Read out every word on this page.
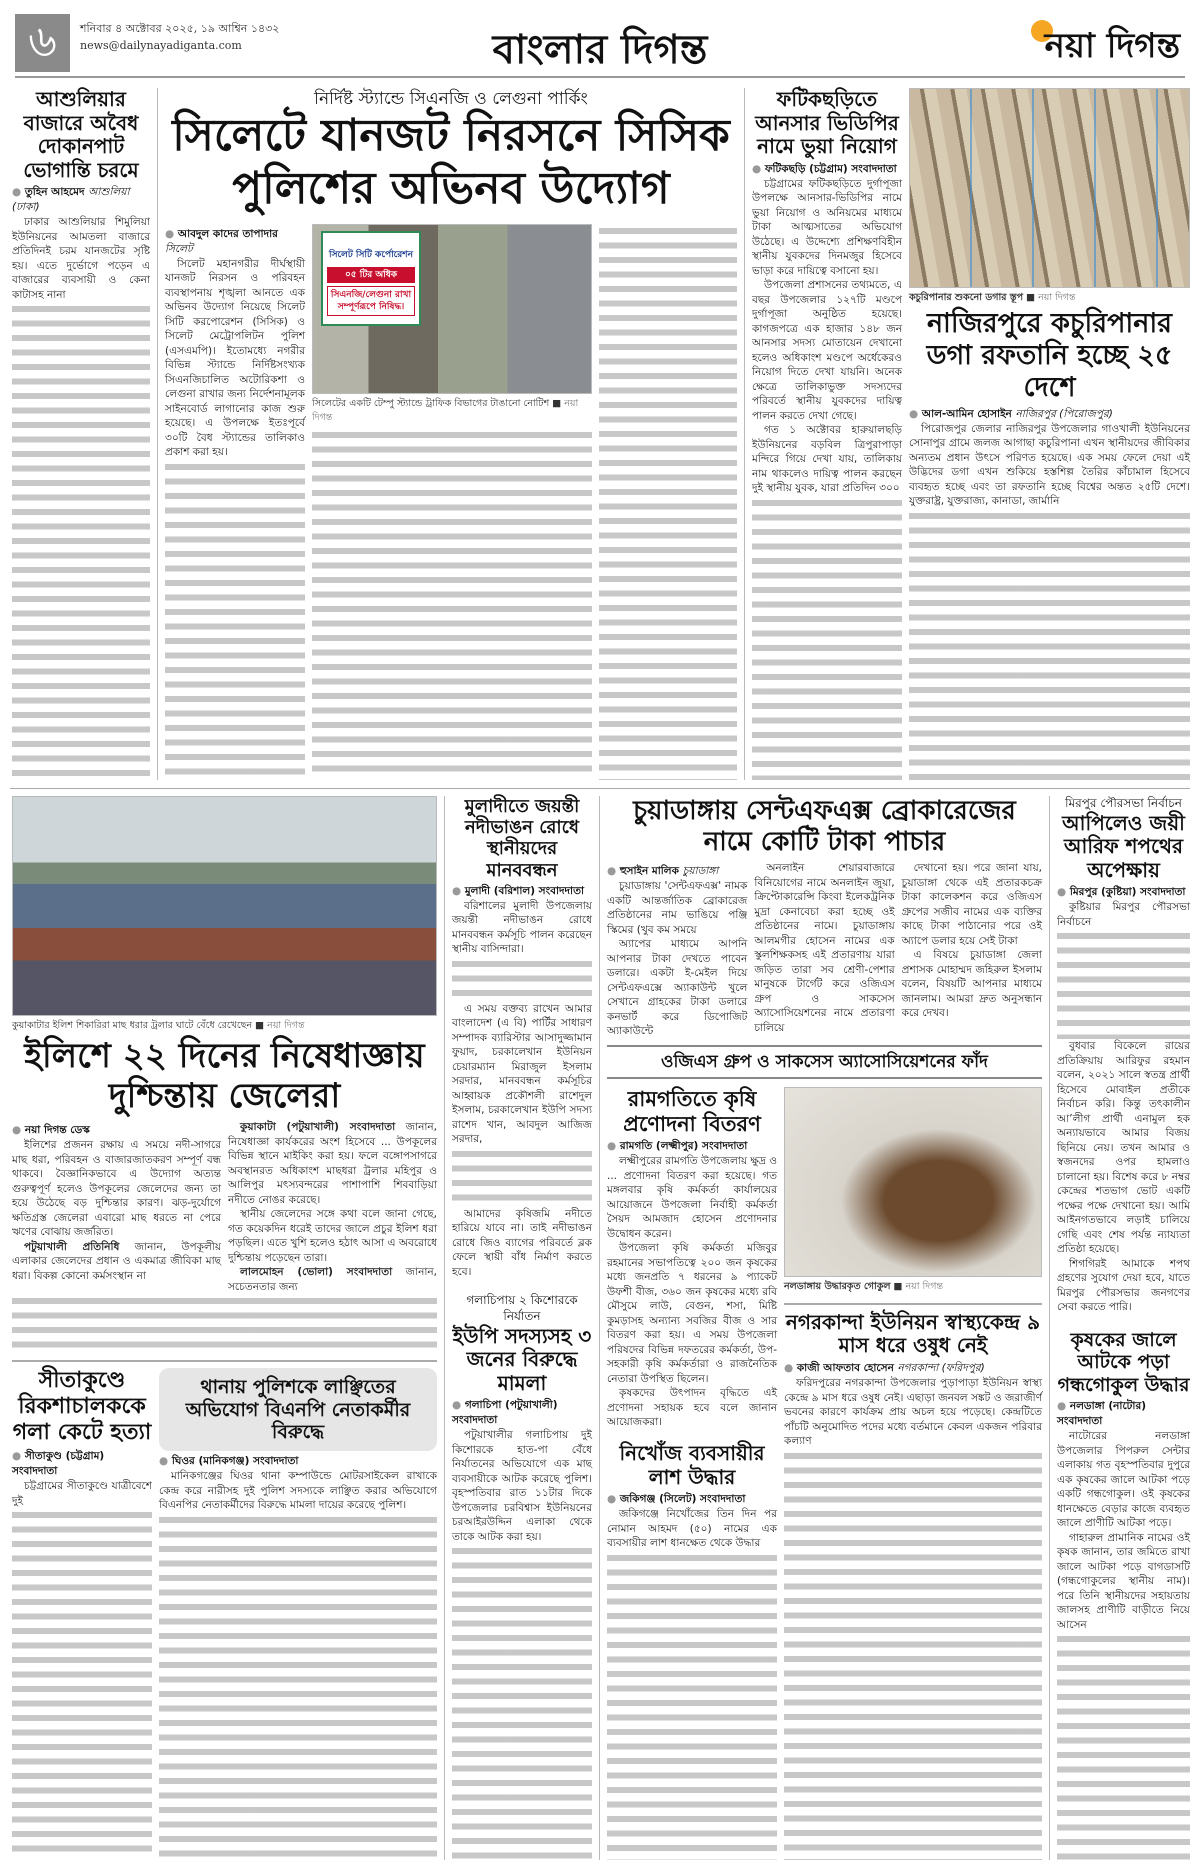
৬	শনিবার ৪ অক্টোবর ২০২৫, ১৯ আশ্বিন ১৪৩২
news@dailynayadiganta.com	বাংলার দিগন্ত	নয়া দিগন্ত
আশুলিয়ার বাজারে অবৈধ দোকানপাট ভোগান্তি চরমে
● তুহিন আহমেদ আশুলিয়া (ঢাকা)
ঢাকার আশুলিয়ার শিমুলিয়া ইউনিয়নের আমতলা বাজারে প্রতিদিনই চরম যানজটের সৃষ্টি হয়। এতে দুর্ভোগে পড়েন এ বাজারের ব্যবসায়ী ও কেনা কাটাসহ নানা
নির্দিষ্ট স্ট্যান্ডে সিএনজি ও লেগুনা পার্কিং
সিলেটে যানজট নিরসনে সিসিক পুলিশের অভিনব উদ্যোগ
● আবদুল কাদের তাপাদার সিলেট
সিলেট মহানগরীর দীর্ঘস্থায়ী যানজট নিরসন ও পরিবহন ব্যবস্থাপনায় শৃঙ্খলা আনতে এক অভিনব উদ্যোগ নিয়েছে সিলেট সিটি করপোরেশন (সিসিক) ও সিলেট মেট্রোপলিটন পুলিশ (এসএমপি)। ইতোমধ্যে নগরীর বিভিন্ন স্ট্যান্ডে নির্দিষ্টসংখ্যক সিএনজিচালিত অটোরিকশা ও লেগুনা রাখার জন্য নির্দেশনামূলক সাইনবোর্ড লাগানোর কাজ শুরু হয়েছে। এ উপলক্ষে ইতঃপূর্বে ৩০টি বৈধ স্ট্যান্ডের তালিকাও প্রকাশ করা হয়।
সিলেট সিটি কর্পোরেশন
০৫ টির অধিক
সিএনজি/লেগুনা রাখা সম্পূর্ণরূপে নিষিদ্ধ।
সিলেটের একটি টেম্পু স্ট্যান্ডে ট্রাফিক বিভাগের টাঙানো নোটিশ ■ নয়া দিগন্ত
ফটিকছড়িতে আনসার ভিডিপির নামে ভুয়া নিয়োগ
● ফটিকছড়ি (চট্টগ্রাম) সংবাদদাতা
চট্টগ্রামের ফটিকছড়িতে দুর্গাপূজা উপলক্ষে আনসার-ভিডিপির নামে ভুয়া নিয়োগ ও অনিয়মের মাধ্যমে টাকা আত্মসাতের অভিযোগ উঠেছে। এ উদ্দেশ্যে প্রশিক্ষণবিহীন স্থানীয় যুবকদের দিনমজুর হিসেবে ভাড়া করে দায়িত্বে বসানো হয়।
উপজেলা প্রশাসনের তথ্যমতে, এ বছর উপজেলার ১২৭টি মণ্ডপে দুর্গাপূজা অনুষ্ঠিত হয়েছে। কাগজপত্রে এক হাজার ১৪৮ জন আনসার সদস্য মোতায়েন দেখানো হলেও অধিকাংশ মণ্ডপে অর্ধেকেরও নিয়োগ দিতে দেখা যায়নি। অনেক ক্ষেত্রে তালিকাভুক্ত সদস্যদের পরিবর্তে স্থানীয় যুবকদের দায়িত্ব পালন করতে দেখা গেছে।
গত ১ অক্টোবর হারুয়ালছড়ি ইউনিয়নের বড়বিল ত্রিপুরাপাড়া মন্দিরে গিয়ে দেখা যায়, তালিকায় নাম থাকলেও দায়িত্ব পালন করছেন দুই স্থানীয় যুবক, যারা প্রতিদিন ৩০০
কচুরিপানার শুকনো ডগার স্তূপ ■ নয়া দিগন্ত
নাজিরপুরে কচুরিপানার ডগা রফতানি হচ্ছে ২৫ দেশে
● আল-আমিন হোসাইন নাজিরপুর (পিরোজপুর)
পিরোজপুর জেলার নাজিরপুর উপজেলার গাওখালী ইউনিয়নের সোনাপুর গ্রামে জলজ আগাছা কচুরিপানা এখন স্থানীয়দের জীবিকার অন্যতম প্রধান উৎসে পরিণত হয়েছে। এক সময় ফেলে দেয়া এই উদ্ভিদের ডগা এখন শুকিয়ে হস্তশিল্প তৈরির কাঁচামাল হিসেবে ব্যবহৃত হচ্ছে এবং তা রফতানি হচ্ছে বিশ্বের অন্তত ২৫টি দেশে। যুক্তরাষ্ট্র, যুক্তরাজ্য, কানাডা, জার্মানি
কুয়াকাটার ইলিশ শিকারিরা মাছ ধরার ট্রলার ঘাটে বেঁধে রেখেছেন ■ নয়া দিগন্ত
ইলিশে ২২ দিনের নিষেধাজ্ঞায় দুশ্চিন্তায় জেলেরা
● নয়া দিগন্ত ডেস্ক
ইলিশের প্রজনন রক্ষায় এ সময়ে নদী-সাগরে মাছ ধরা, পরিবহন ও বাজারজাতকরণ সম্পূর্ণ বন্ধ থাকবে। বৈজ্ঞানিকভাবে এ উদ্যোগ অত্যন্ত গুরুত্বপূর্ণ হলেও উপকূলের জেলেদের জন্য তা হয়ে উঠেছে বড় দুশ্চিন্তার কারণ। ঝড়-দুর্যোগে ক্ষতিগ্রস্ত জেলেরা এবারো মাছ ধরতে না পেরে ঋণের বোঝায় জর্জরিত।
পটুয়াখালী প্রতিনিধি জানান, উপকূলীয় এলাকার জেলেদের প্রধান ও একমাত্র জীবিকা মাছ ধরা। বিকল্প কোনো কর্মসংস্থান না
কুয়াকাটা (পটুয়াখালী) সংবাদদাতা জানান, নিষেধাজ্ঞা কার্যকরের অংশ হিসেবে ... উপকূলের বিভিন্ন স্থানে মাইকিং করা হয়। ফলে বঙ্গোপসাগরে অবস্থানরত অধিকাংশ মাছধরা ট্রলার মহিপুর ও আলিপুর মৎস্যবন্দরের পাশাপাশি শিববাড়িয়া নদীতে নোঙর করেছে।
স্থানীয় জেলেদের সঙ্গে কথা বলে জানা গেছে, গত কয়েকদিন ধরেই তাদের জালে প্রচুর ইলিশ ধরা পড়ছিল। এতে খুশি হলেও হঠাৎ আসা এ অবরোধে দুশ্চিন্তায় পড়েছেন তারা।
লালমোহন (ভোলা) সংবাদদাতা জানান, সচেতনতার জন্য
সীতাকুণ্ডে রিকশাচালককে গলা কেটে হত্যা
● সীতাকুণ্ড (চট্টগ্রাম) সংবাদদাতা
চট্টগ্রামের সীতাকুণ্ডে যাত্রীবেশে দুই
থানায় পুলিশকে লাঞ্ছিতের অভিযোগ বিএনপি নেতাকর্মীর বিরুদ্ধে
● ঘিওর (মানিকগঞ্জ) সংবাদদাতা
মানিকগঞ্জের ঘিওর থানা কম্পাউন্ডে মোটরসাইকেল রাখাকে কেন্দ্র করে নারীসহ দুই পুলিশ সদস্যকে লাঞ্ছিত করার অভিযোগে বিএনপির নেতাকর্মীদের বিরুদ্ধে মামলা দায়ের করেছে পুলিশ।
মুলাদীতে জয়ন্তী নদীভাঙন রোধে স্থানীয়দের মানববন্ধন
● মুলাদী (বরিশাল) সংবাদদাতা
বরিশালের মুলাদী উপজেলায় জয়ন্তী নদীভাঙন রোধে মানববন্ধন কর্মসূচি পালন করেছেন স্থানীয় বাসিন্দারা।
এ সময় বক্তব্য রাখেন আমার বাংলাদেশ (এ বি) পার্টির সাধারণ সম্পাদক ব্যারিস্টার আসাদুজ্জামান ফুয়াদ, চরকালেখান ইউনিয়ন চেয়ারম্যান মিরাজুল ইসলাম সরদার, মানববন্ধন কর্মসূচির আহ্বায়ক প্রকৌশলী রাশেদুল ইসলাম, চরকালেখান ইউপি সদস্য রাশেদ খান, আবদুল আজিজ সরদার,
আমাদের কৃষিজমি নদীতে হারিয়ে যাবে না। তাই নদীভাঙন রোধে জিও ব্যাগের পরিবর্তে ব্লক ফেলে স্থায়ী বাঁধ নির্মাণ করতে হবে।
গলাচিপায় ২ কিশোরকে নির্যাতন
ইউপি সদস্যসহ ৩ জনের বিরুদ্ধে মামলা
● গলাচিপা (পটুয়াখালী) সংবাদদাতা
পটুয়াখালীর গলাচিপায় দুই কিশোরকে হাত-পা বেঁধে নির্যাতনের অভিযোগে এক মাছ ব্যবসায়ীকে আটক করেছে পুলিশ। বৃহস্পতিবার রাত ১১টার দিকে উপজেলার চরবিশ্বাস ইউনিয়নের চরআইরউদ্দিন এলাকা থেকে তাকে আটক করা হয়।
চুয়াডাঙ্গায় সেন্টএফএক্স ব্রোকারেজের নামে কোটি টাকা পাচার
● হুসাইন মালিক চুয়াডাঙ্গা
চুয়াডাঙ্গায় 'সেন্টএফএক্স' নামক একটি আন্তর্জাতিক ব্রোকারেজ প্রতিষ্ঠানের নাম ভাঙিয়ে পঞ্জি স্কিমের (খুব কম সময়ে
অ্যাপের মাধ্যমে আপনি আপনার টাকা দেখতে পাবেন ডলারে। একটা ই-মেইল দিয়ে সেন্টএফএক্সে অ্যাকাউন্ট খুলে সেখানে গ্রাহকের টাকা ডলারে কনভার্ট করে ডিপোজিট অ্যাকাউন্টে
অনলাইন শেয়ারবাজারে বিনিয়োগের নামে অনলাইন জুয়া, ক্রিপ্টোকারেন্সি কিংবা ইলেকট্রনিক মুদ্রা কেনাবেচা করা হচ্ছে ওই প্রতিষ্ঠানের নামে। চুয়াডাঙ্গায় আলমগীর হোসেন নামের এক স্কুলশিক্ষকসহ এই প্রতারণায় যারা জড়িত তারা সব শ্রেণী-পেশার মানুষকে টার্গেট করে ওজিএস গ্রুপ ও সাকসেস অ্যাসোসিয়েশনের নামে প্রতারণা চালিয়ে
দেখানো হয়। পরে জানা যায়, চুয়াডাঙ্গা থেকে এই প্রতারকচক্র টাকা কালেকশন করে ওজিএস গ্রুপের সজীব নামের এক ব্যক্তির কাছে টাকা পাঠানোর পরে ওই অ্যাপে ডলার হয়ে সেই টাকা
এ বিষয়ে চুয়াডাঙ্গা জেলা প্রশাসক মোহাম্মদ জহিরুল ইসলাম বলেন, বিষয়টি আপনার মাধ্যমে জানলাম। আমরা দ্রুত অনুসন্ধান করে দেখব।
ওজিএস গ্রুপ ও সাকসেস অ্যাসোসিয়েশনের ফাঁদ
রামগতিতে কৃষি প্রণোদনা বিতরণ
● রামগতি (লক্ষ্মীপুর) সংবাদদাতা
লক্ষ্মীপুরের রামগতি উপজেলায় ক্ষুদ্র ও ... প্রণোদনা বিতরণ করা হয়েছে। গত মঙ্গলবার কৃষি কর্মকর্তা কার্যালয়ের আয়োজনে উপজেলা নির্বাহী কর্মকর্তা সৈয়দ আমজাদ হোসেন প্রণোদনার উদ্বোধন করেন।
উপজেলা কৃষি কর্মকর্তা মজিবুর রহমানের সভাপতিত্বে ২০০ জন কৃষকের মধ্যে জনপ্রতি ৭ ধরনের ৯ প্যাকেট উফশী বীজ, ৩৬০ জন কৃষকের মধ্যে রবি মৌসুমে লাউ, বেগুন, শসা, মিষ্টি কুমড়াসহ অন্যান্য সবজির বীজ ও সার বিতরণ করা হয়। এ সময় উপজেলা পরিষদের বিভিন্ন দফতরের কর্মকর্তা, উপ-সহকারী কৃষি কর্মকর্তারা ও রাজনৈতিক নেতারা উপস্থিত ছিলেন।
কৃষকদের উৎপাদন বৃদ্ধিতে এই প্রণোদনা সহায়ক হবে বলে জানান আয়োজকরা।
নিখোঁজ ব্যবসায়ীর লাশ উদ্ধার
● জকিগঞ্জ (সিলেট) সংবাদদাতা
জকিগঞ্জে নিখোঁজের তিন দিন পর নোমান আহমদ (৫০) নামের এক ব্যবসায়ীর লাশ ধানক্ষেত থেকে উদ্ধার
নলডাঙ্গায় উদ্ধারকৃত গোকুল ■ নয়া দিগন্ত
নগরকান্দা ইউনিয়ন স্বাস্থ্যকেন্দ্র ৯ মাস ধরে ওষুধ নেই
● কাজী আফতাব হোসেন নগরকান্দা (ফরিদপুর)
ফরিদপুরের নগরকান্দা উপজেলার পুড়াপাড়া ইউনিয়ন স্বাস্থ্য কেন্দ্রে ৯ মাস ধরে ওষুধ নেই। এছাড়া জনবল সঙ্কট ও জরাজীর্ণ ভবনের কারণে কার্যক্রম প্রায় অচল হয়ে পড়েছে। কেন্দ্রটিতে পাঁচটি অনুমোদিত পদের মধ্যে বর্তমানে কেবল একজন পরিবার কল্যাণ
মিরপুর পৌরসভা নির্বাচন
আপিলেও জয়ী আরিফ শপথের অপেক্ষায়
● মিরপুর (কুষ্টিয়া) সংবাদদাতা
কুষ্টিয়ার মিরপুর পৌরসভা নির্বাচনে
বুধবার বিকেলে রায়ের প্রতিক্রিয়ায় আরিফুর রহমান বলেন, ২০২১ সালে স্বতন্ত্র প্রার্থী হিসেবে মোবাইল প্রতীকে নির্বাচন করি। কিন্তু তৎকালীন আ’লীগ প্রার্থী এনামুল হক অন্যায়ভাবে আমার বিজয় ছিনিয়ে নেয়। তখন আমার ও স্বজনদের ওপর হামলাও চালানো হয়। বিশেষ করে ৮ নম্বর কেন্দ্রের শতভাগ ভোট একটি পক্ষের পক্ষে দেখানো হয়। আমি আইনগতভাবে লড়াই চালিয়ে গেছি এবং শেষ পর্যন্ত ন্যায্যতা প্রতিষ্ঠা হয়েছে।
শিগগিরই আমাকে শপথ গ্রহণের সুযোগ দেয়া হবে, যাতে মিরপুর পৌরসভার জনগণের সেবা করতে পারি।
কৃষকের জালে আটকে পড়া গন্ধগোকুল উদ্ধার
● নলডাঙ্গা (নাটোর) সংবাদদাতা
নাটোরের নলডাঙ্গা উপজেলার পিপরুল সেন্টার এলাকায় গত বৃহস্পতিবার দুপুরে এক কৃষকের জালে আটকা পড়ে একটি গন্ধগোকুল। ওই কৃষকের ধানক্ষেতে বেড়ার কাজে ব্যবহৃত জালে প্রাণীটি আটকা পড়ে।
গাহারুল প্রামানিক নামের ওই কৃষক জানান, তার জমিতে রাখা জালে আটকা পড়ে বাগডাসটি (গন্ধগোকুলের স্থানীয় নাম)। পরে তিনি স্থানীয়দের সহায়তায় জালসহ প্রাণীটি বাড়ীতে নিয়ে আসেন
